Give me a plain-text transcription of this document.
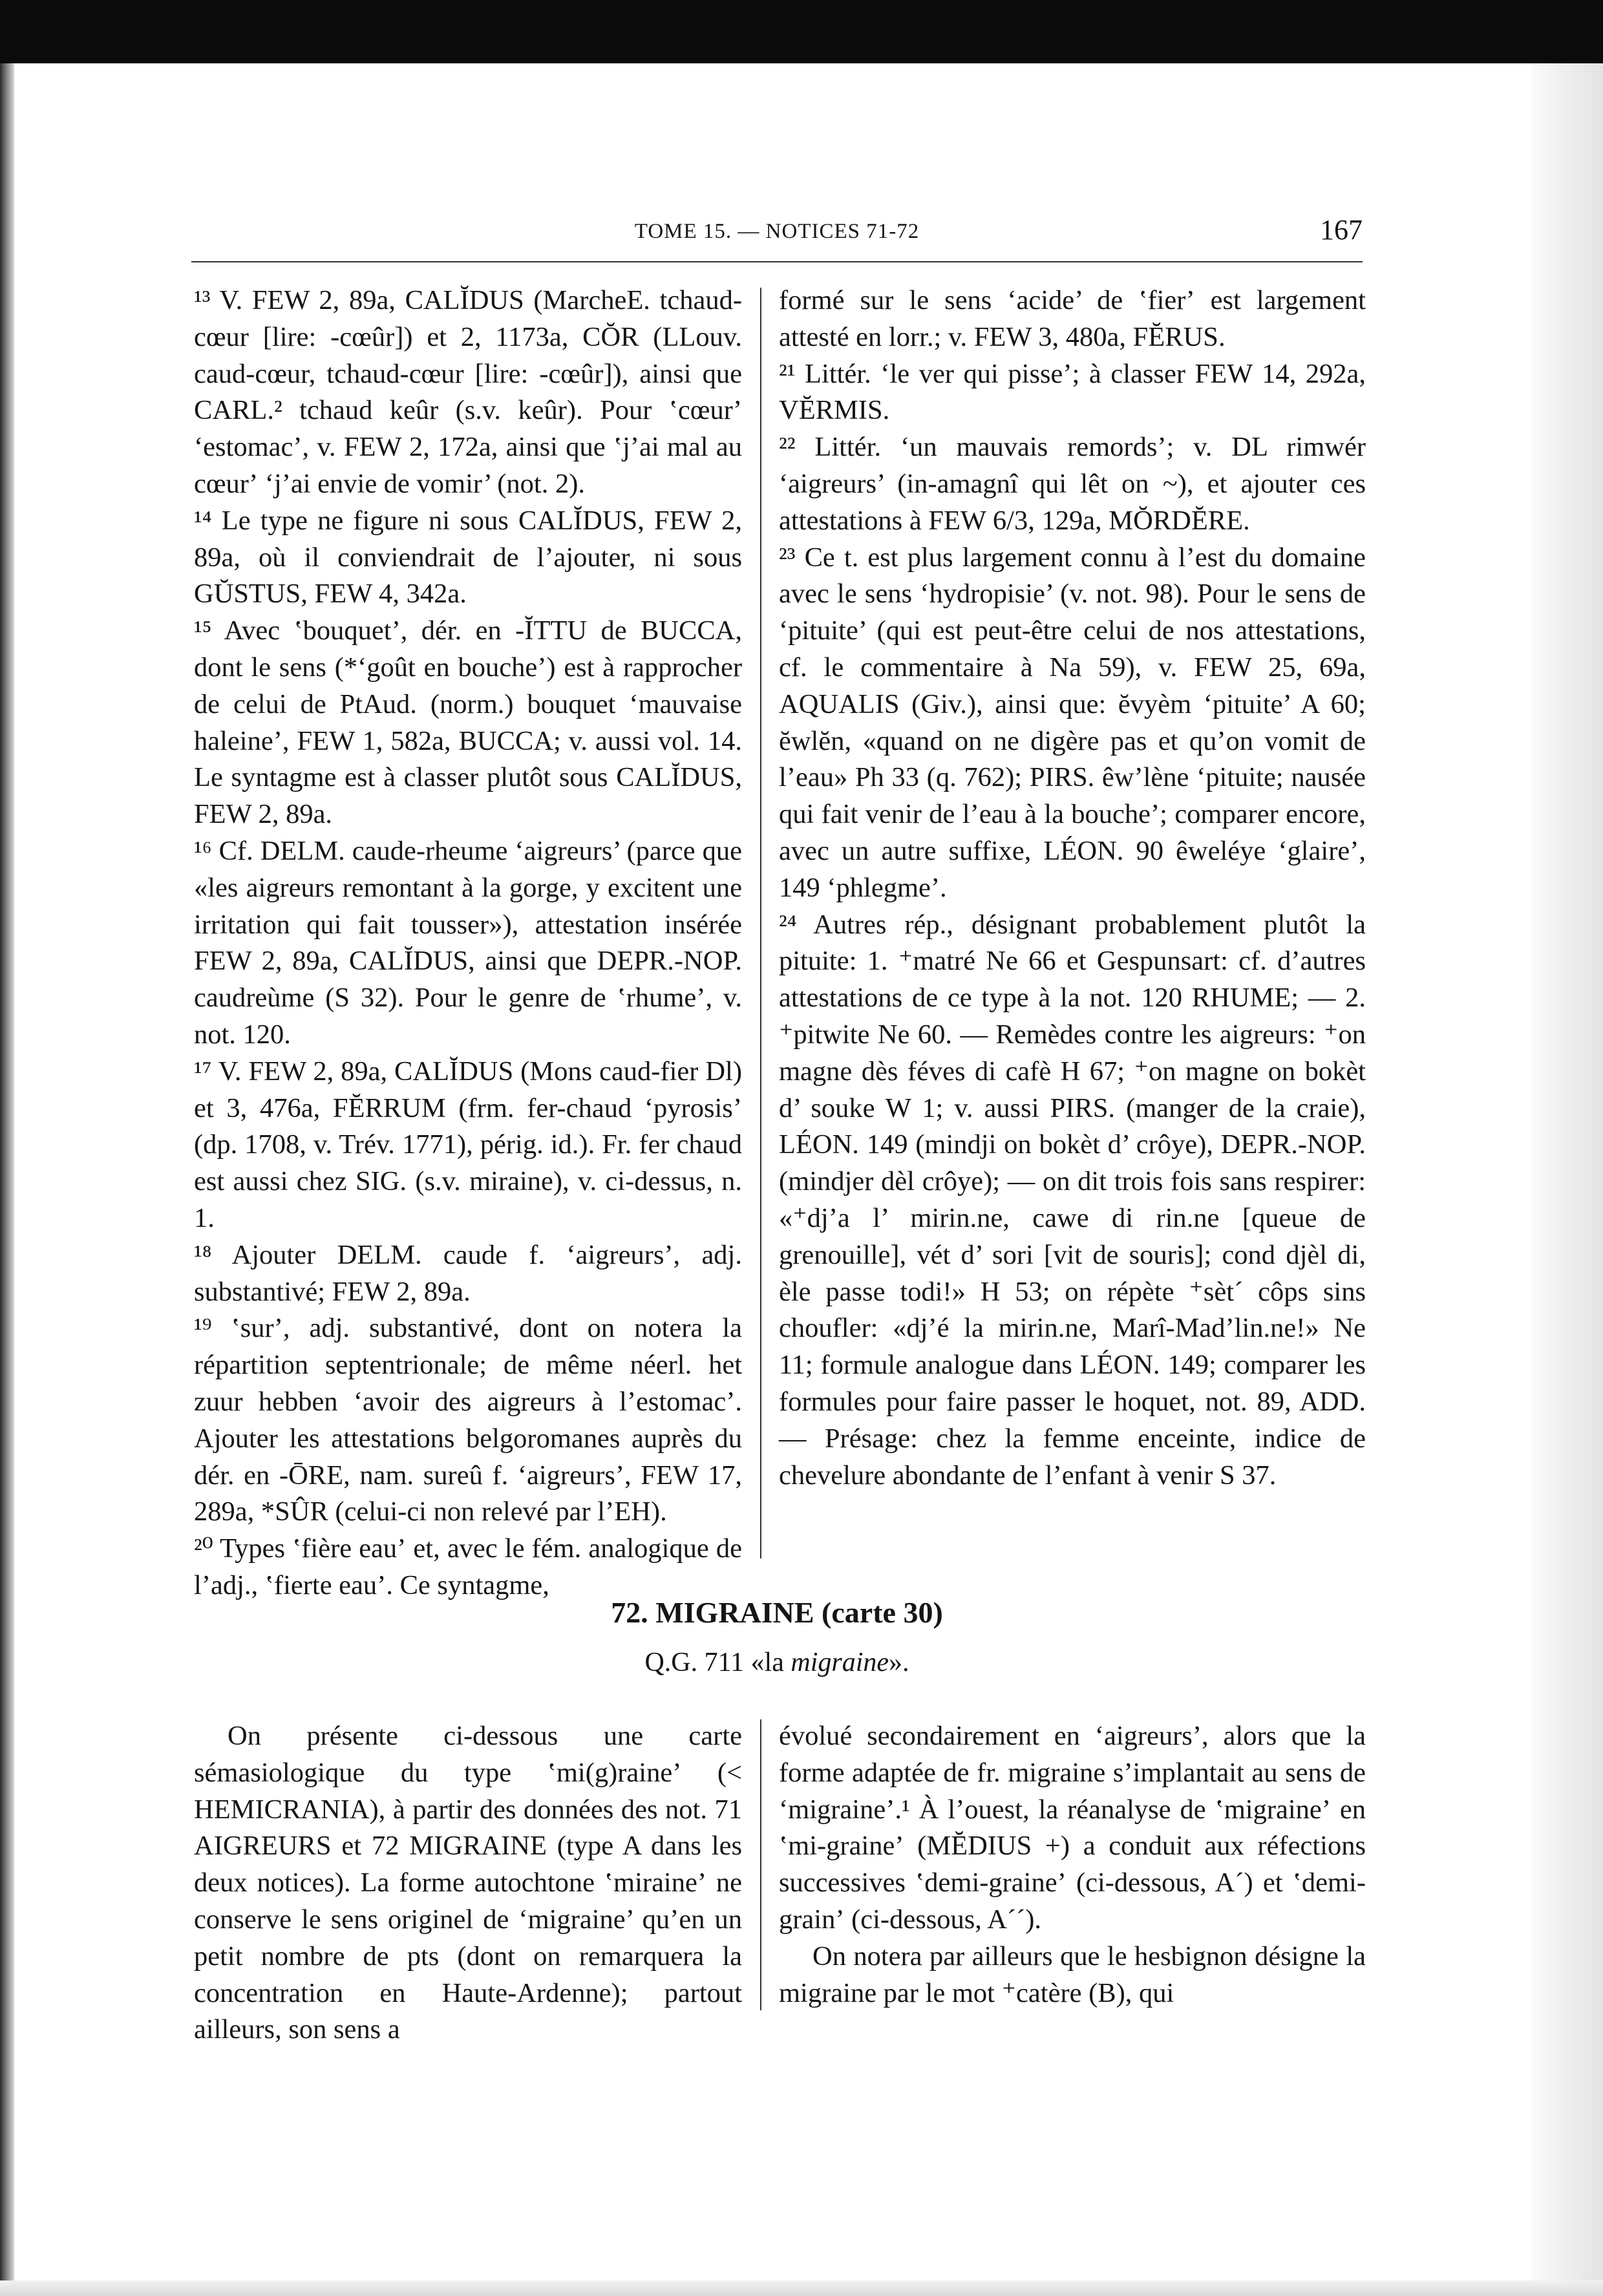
TOME 15. — NOTICES 71-72	167

¹³ V. FEW 2, 89a, CALĬDUS (MarcheE. tchaud-cœur [lire: -cœûr]) et 2, 1173a, CŎR (LLouv. caud-cœur, tchaud-cœur [lire: -cœûr]), ainsi que CARL.² tchaud keûr (s.v. keûr). Pour ʽcœurʼ ‘estomac’, v. FEW 2, 172a, ainsi que ʽj’ai mal au cœurʼ ‘j’ai envie de vomir’ (not. 2).

¹⁴ Le type ne figure ni sous CALĬDUS, FEW 2, 89a, où il conviendrait de l’ajouter, ni sous GŬSTUS, FEW 4, 342a.

¹⁵ Avec ʽbouquetʼ, dér. en -ĬTTU de BUCCA, dont le sens (*‘goût en bouche’) est à rapprocher de celui de PtAud. (norm.) bouquet ‘mauvaise haleine’, FEW 1, 582a, BUCCA; v. aussi vol. 14. Le syntagme est à classer plutôt sous CALĬDUS, FEW 2, 89a.

¹⁶ Cf. DELM. caude-rheume ‘aigreurs’ (parce que «les aigreurs remontant à la gorge, y excitent une irritation qui fait tousser»), attestation insérée FEW 2, 89a, CALĬDUS, ainsi que DEPR.-NOP. caudreùme (S 32). Pour le genre de ʽrhumeʼ, v. not. 120.

¹⁷ V. FEW 2, 89a, CALĬDUS (Mons caud-fier Dl) et 3, 476a, FĔRRUM (frm. fer-chaud ‘pyrosis’ (dp. 1708, v. Trév. 1771), périg. id.). Fr. fer chaud est aussi chez SIG. (s.v. miraine), v. ci-dessus, n. 1.

¹⁸ Ajouter DELM. caude f. ‘aigreurs’, adj. substantivé; FEW 2, 89a.

¹⁹ ʽsurʼ, adj. substantivé, dont on notera la répartition septentrionale; de même néerl. het zuur hebben ‘avoir des aigreurs à l’estomac’. Ajouter les attestations belgoromanes auprès du dér. en -ŌRE, nam. sureû f. ‘aigreurs’, FEW 17, 289a, *SÛR (celui-ci non relevé par l’EH).

²⁰ Types ʽfière eauʼ et, avec le fém. analogique de l’adj., ʽfierte eauʼ. Ce syntagme,

formé sur le sens ‘acide’ de ʽfierʼ est largement attesté en lorr.; v. FEW 3, 480a, FĔRUS.

²¹ Littér. ‘le ver qui pisse’; à classer FEW 14, 292a, VĔRMIS.

²² Littér. ‘un mauvais remords’; v. DL rimwér ‘aigreurs’ (in-amagnî qui lêt on ~), et ajouter ces attestations à FEW 6/3, 129a, MŎRDĔRE.

²³ Ce t. est plus largement connu à l’est du domaine avec le sens ‘hydropisie’ (v. not. 98). Pour le sens de ‘pituite’ (qui est peut-être celui de nos attestations, cf. le commentaire à Na 59), v. FEW 25, 69a, AQUALIS (Giv.), ainsi que: ĕvyèm ‘pituite’ A 60; ĕwlĕn, «quand on ne digère pas et qu’on vomit de l’eau» Ph 33 (q. 762); PIRS. êw’lène ‘pituite; nausée qui fait venir de l’eau à la bouche’; comparer encore, avec un autre suffixe, LÉON. 90 êweléye ‘glaire’, 149 ‘phlegme’.

²⁴ Autres rép., désignant probablement plutôt la pituite: 1. ⁺matré Ne 66 et Gespunsart: cf. d’autres attestations de ce type à la not. 120 RHUME; — 2. ⁺pitwite Ne 60. — Remèdes contre les aigreurs: ⁺on magne dès féves di cafè H 67; ⁺on magne on bokèt d’ souke W 1; v. aussi PIRS. (manger de la craie), LÉON. 149 (mindji on bokèt d’ crôye), DEPR.-NOP. (mindjer dèl crôye); — on dit trois fois sans respirer: «⁺dj’a l’ mirin.ne, cawe di rin.ne [queue de grenouille], vét d’ sori [vit de souris]; cond djèl di, èle passe todi!» H 53; on répète ⁺sèt´ côps sins choufler: «dj’é la mirin.ne, Marî-Mad’lin.ne!» Ne 11; formule analogue dans LÉON. 149; comparer les formules pour faire passer le hoquet, not. 89, ADD. — Présage: chez la femme enceinte, indice de chevelure abondante de l’enfant à venir S 37.

72. MIGRAINE (carte 30)
Q.G. 711 «la migraine».

On présente ci-dessous une carte sémasiologique du type ʽmi(g)raineʼ (< HEMICRANIA), à partir des données des not. 71 AIGREURS et 72 MIGRAINE (type A dans les deux notices). La forme autochtone ʽmiraineʼ ne conserve le sens originel de ‘migraine’ qu’en un petit nombre de pts (dont on remarquera la concentration en Haute-Ardenne); partout ailleurs, son sens a

évolué secondairement en ‘aigreurs’, alors que la forme adaptée de fr. migraine s’implantait au sens de ‘migraine’.¹ À l’ouest, la réanalyse de ʽmigraineʼ en ʽmi-graineʼ (MĔDIUS +) a conduit aux réfections successives ʽdemi-graineʼ (ci-dessous, A´) et ʽdemi-grainʼ (ci-dessous, A´´).

On notera par ailleurs que le hesbignon désigne la migraine par le mot ⁺catère (B), qui
